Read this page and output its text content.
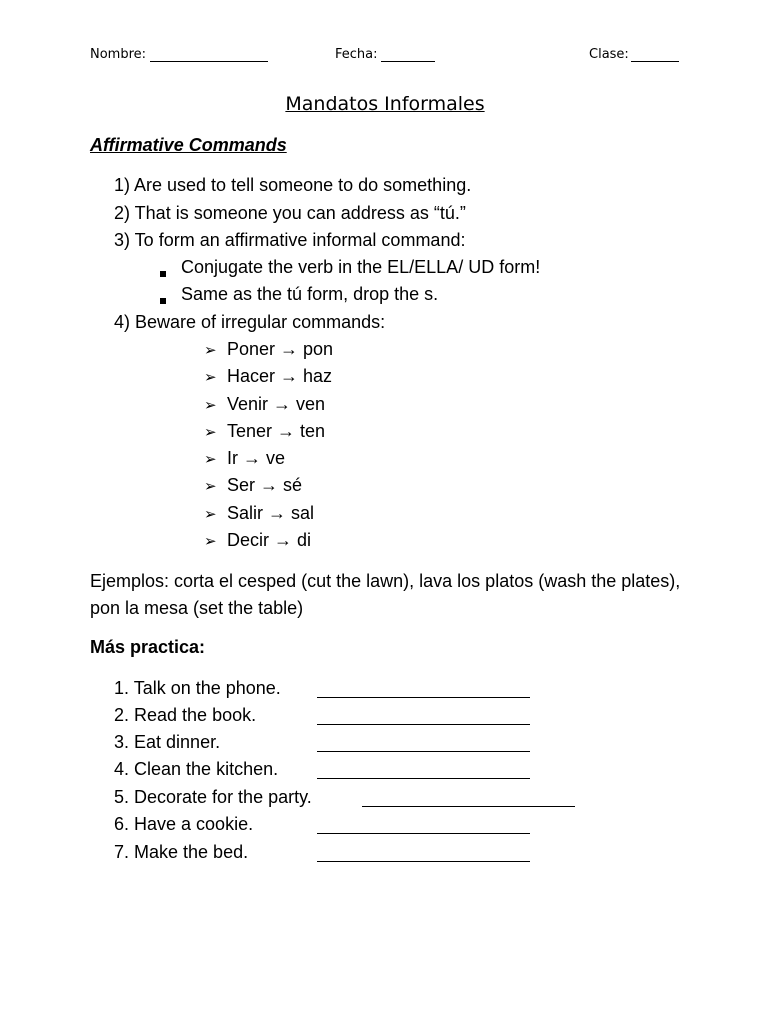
Nombre:	Fecha:	Clase:
Mandatos Informales
Affirmative Commands
1) Are used to tell someone to do something.
2) That is someone you can address as “tú.”
3) To form an affirmative informal command:
Conjugate the verb in the EL/ELLA/ UD form!
Same as the tú form, drop the s.
4) Beware of irregular commands:
➢ Poner → pon
➢ Hacer → haz
➢ Venir → ven
➢ Tener → ten
➢ Ir → ve
➢ Ser → sé
➢ Salir → sal
➢ Decir → di
Ejemplos: corta el cesped (cut the lawn), lava los platos (wash the plates), pon la mesa (set the table)
Más practica:
1. Talk on the phone.
2. Read the book.
3. Eat dinner.
4. Clean the kitchen.
5. Decorate for the party.
6. Have a cookie.
7. Make the bed.
